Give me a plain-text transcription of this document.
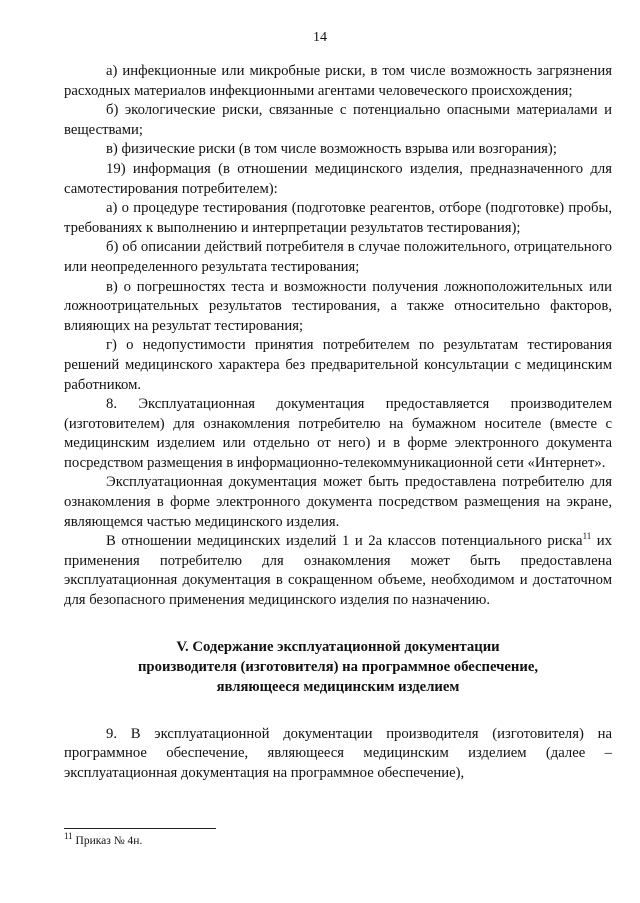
14

а) инфекционные или микробные риски, в том числе возможность загрязнения расходных материалов инфекционными агентами человеческого происхождения;

б) экологические риски, связанные с потенциально опасными материалами и веществами;

в) физические риски (в том числе возможность взрыва или возгорания);

19) информация (в отношении медицинского изделия, предназначенного для самотестирования потребителем):

а) о процедуре тестирования (подготовке реагентов, отборе (подготовке) пробы, требованиях к выполнению и интерпретации результатов тестирования);

б) об описании действий потребителя в случае положительного, отрицательного или неопределенного результата тестирования;

в) о погрешностях теста и возможности получения ложноположительных или ложноотрицательных результатов тестирования, а также относительно факторов, влияющих на результат тестирования;

г) о недопустимости принятия потребителем по результатам тестирования решений медицинского характера без предварительной консультации с медицинским работником.

8. Эксплуатационная документация предоставляется производителем (изготовителем) для ознакомления потребителю на бумажном носителе (вместе с медицинским изделием или отдельно от него) и в форме электронного документа посредством размещения в информационно-телекоммуникационной сети «Интернет».

Эксплуатационная документация может быть предоставлена потребителю для ознакомления в форме электронного документа посредством размещения на экране, являющемся частью медицинского изделия.

В отношении медицинских изделий 1 и 2а классов потенциального риска$^{11}$ их применения потребителю для ознакомления может быть предоставлена эксплуатационная документация в сокращенном объеме, необходимом и достаточном для безопасного применения медицинского изделия по назначению.

V. Содержание эксплуатационной документации
производителя (изготовителя) на программное обеспечение,
являющееся медицинским изделием

9. В эксплуатационной документации производителя (изготовителя) на программное обеспечение, являющееся медицинским изделием (далее – эксплуатационная документация на программное обеспечение),

$^{11}$ Приказ № 4н.
